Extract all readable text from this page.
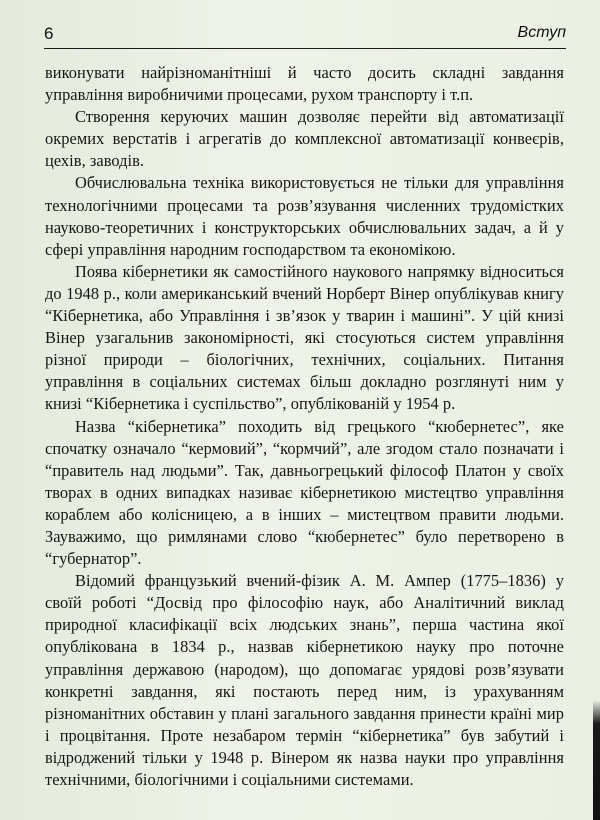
6	Вступ

виконувати найрізноманітніші й часто досить складні завдання управління виробничими процесами, рухом транспорту і т.п.

Створення керуючих машин дозволяє перейти від автоматизації окремих верстатів і агрегатів до комплексної автоматизації конвеєрів, цехів, заводів.

Обчислювальна техніка використовується не тільки для управління технологічними процесами та розв’язування численних трудомістких науково-теоретичних і конструкторських обчислювальних задач, а й у сфері управління народним господарством та економікою.

Поява кібернетики як самостійного наукового напрямку відноситься до 1948 р., коли американський вчений Норберт Вінер опублікував книгу “Кібернетика, або Управління і зв’язок у тварин і машині”. У цій книзі Вінер узагальнив закономірності, які стосуються систем управління різної природи – біологічних, технічних, соціальних. Питання управління в соціальних системах більш докладно розглянуті ним у книзі “Кібернетика і суспільство”, опублікованій у 1954 р.

Назва “кібернетика” походить від грецького “кюбернетес”, яке спочатку означало “кермовий”, “кормчий”, але згодом стало позначати і “правитель над людьми”. Так, давньогрецький філософ Платон у своїх творах в одних випадках називає кібернетикою мистецтво управління кораблем або колісницею, а в інших – мистецтвом правити людьми. Зауважимо, що римлянами слово “кюбернетес” було перетворено в “губернатор”.

Відомий французький вчений-фізик А. М. Ампер (1775–1836) у своїй роботі “Досвід про філософію наук, або Аналітичний виклад природної класифікації всіх людських знань”, перша частина якої опублікована в 1834 р., назвав кібернетикою науку про поточне управління державою (народом), що допомагає урядові розв’язувати конкретні завдання, які постають перед ним, із урахуванням різноманітних обставин у плані загального завдання принести країні мир і процвітання. Проте незабаром термін “кібернетика” був забутий і відроджений тільки у 1948 р. Вінером як назва науки про управління технічними, біологічними і соціальними системами.
